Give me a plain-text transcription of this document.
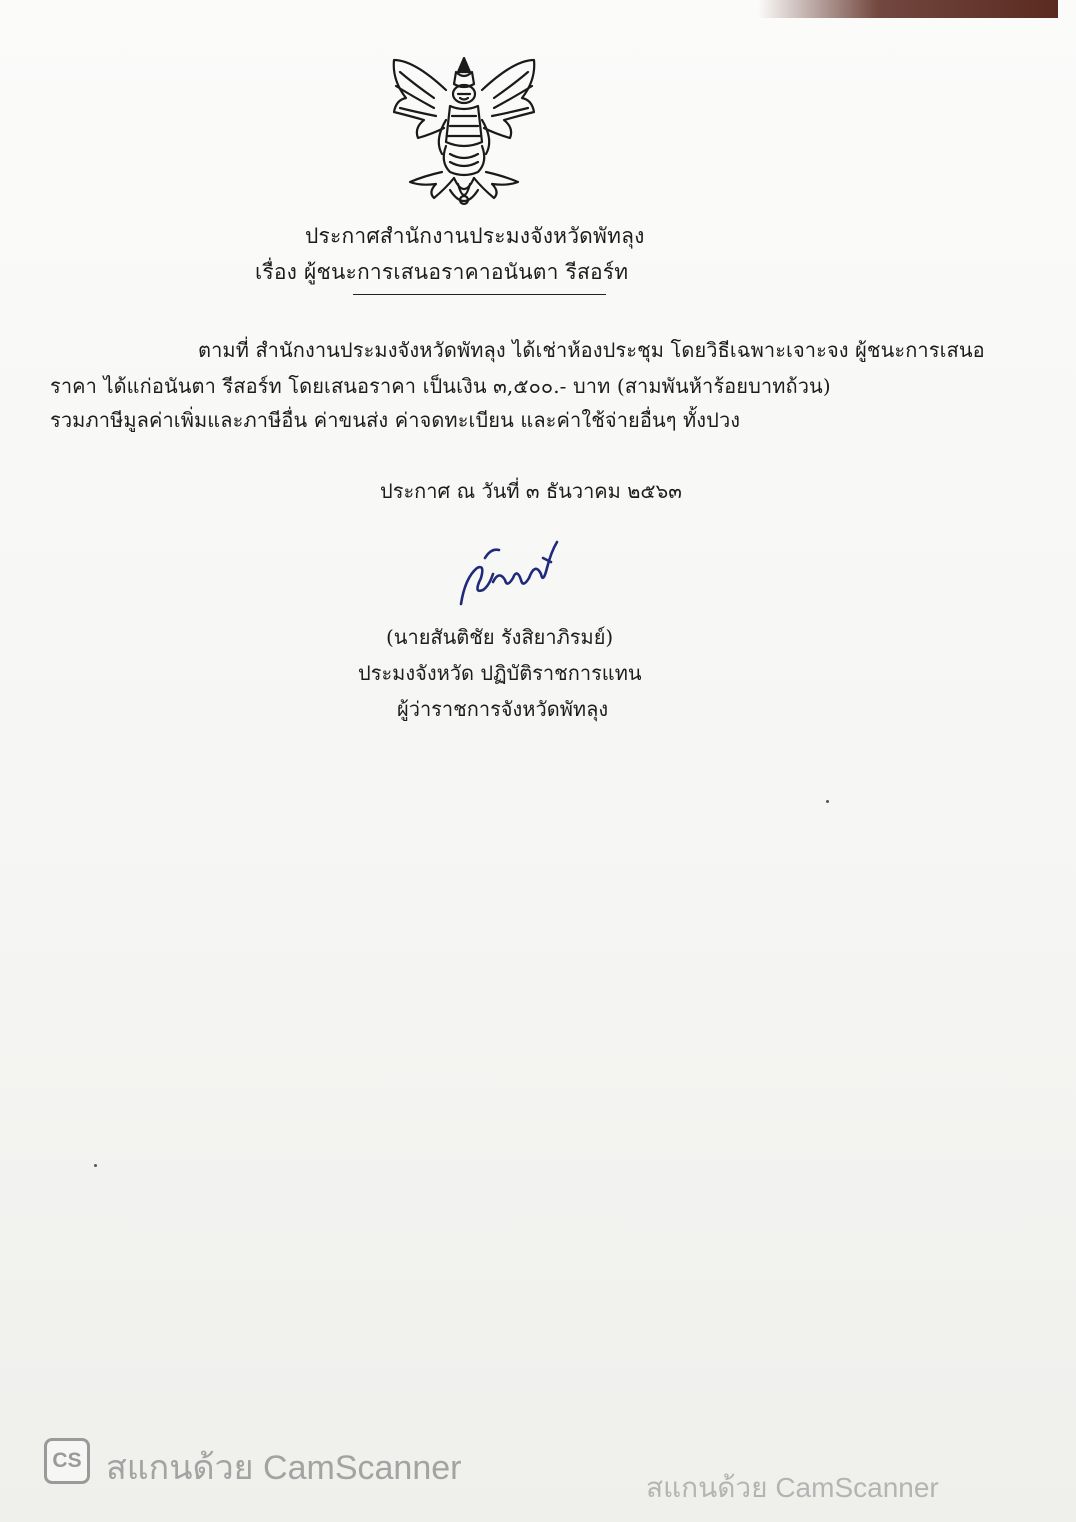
ประกาศสำนักงานประมงจังหวัดพัทลุง
เรื่อง ผู้ชนะการเสนอราคาอนันตา รีสอร์ท
ตามที่ สำนักงานประมงจังหวัดพัทลุง ได้เช่าห้องประชุม โดยวิธีเฉพาะเจาะจง ผู้ชนะการเสนอ
ราคา ได้แก่อนันตา รีสอร์ท โดยเสนอราคา เป็นเงิน ๓,๕๐๐.- บาท (สามพันห้าร้อยบาทถ้วน)
รวมภาษีมูลค่าเพิ่มและภาษีอื่น ค่าขนส่ง ค่าจดทะเบียน และค่าใช้จ่ายอื่นๆ ทั้งปวง
ประกาศ ณ วันที่ ๓ ธันวาคม ๒๕๖๓
(นายสันติชัย รังสิยาภิรมย์)
ประมงจังหวัด ปฏิบัติราชการแทน
ผู้ว่าราชการจังหวัดพัทลุง
CS สแกนด้วย CamScanner
สแกนด้วย CamScanner
